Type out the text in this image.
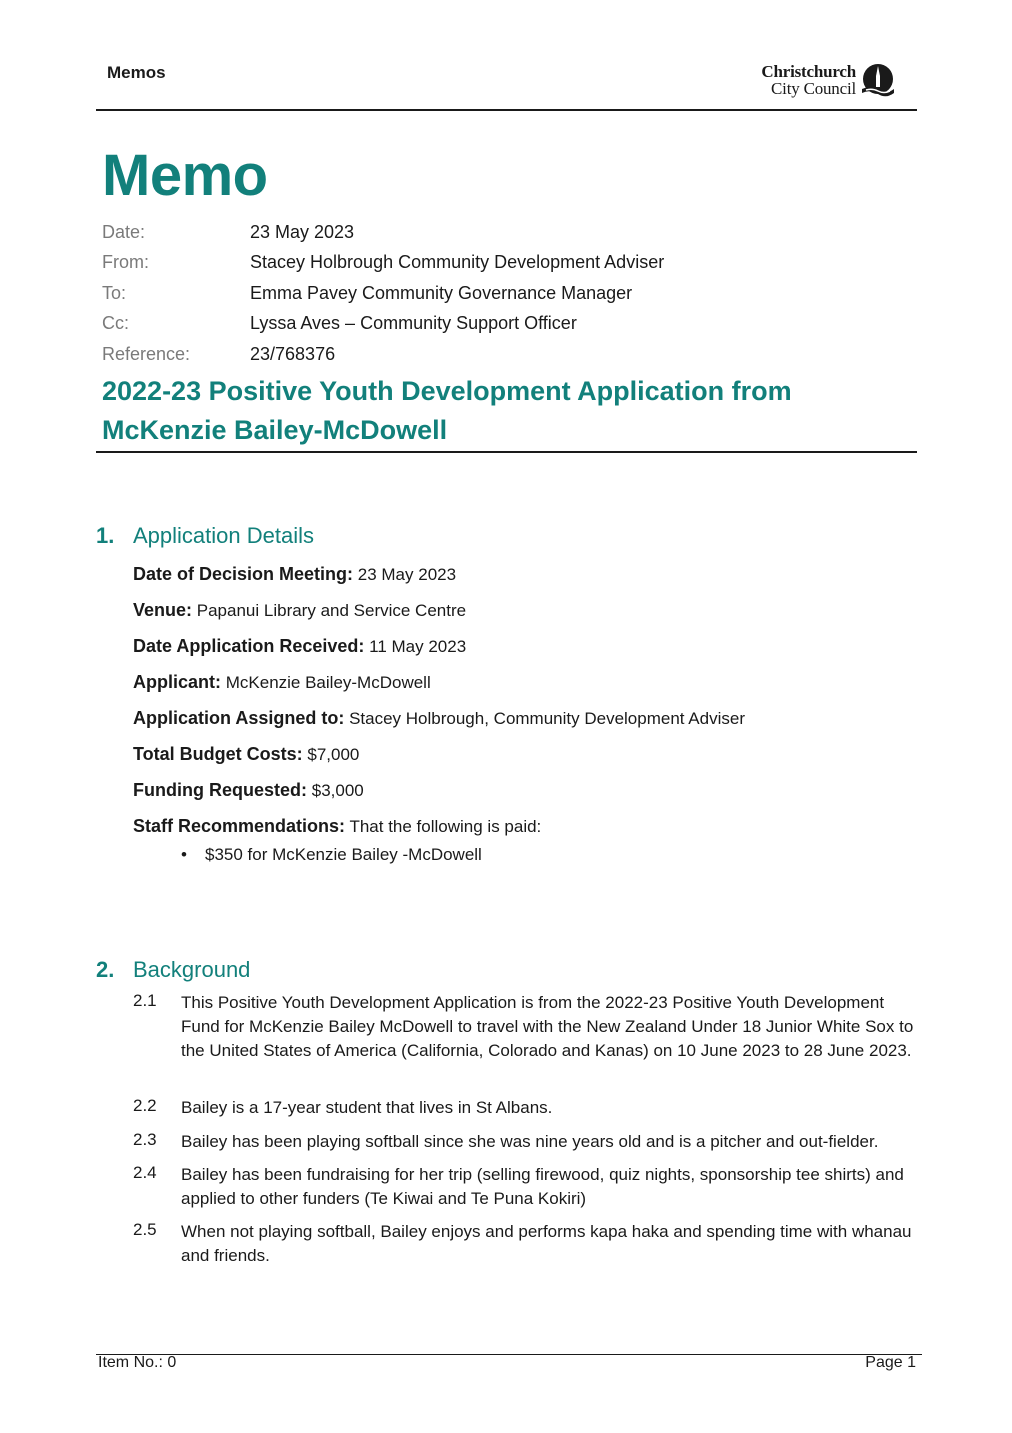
Memos	Christchurch
City Council
Memo
Date:	23 May 2023
From:	Stacey Holbrough Community Development Adviser
To:	Emma Pavey Community Governance Manager
Cc:	Lyssa Aves – Community Support Officer
Reference:	23/768376
2022-23 Positive Youth Development Application from McKenzie Bailey-McDowell
1. Application Details
Date of Decision Meeting: 23 May 2023
Venue: Papanui Library and Service Centre
Date Application Received: 11 May 2023
Applicant: McKenzie Bailey-McDowell
Application Assigned to: Stacey Holbrough, Community Development Adviser
Total Budget Costs: $7,000
Funding Requested: $3,000
Staff Recommendations: That the following is paid:
• $350 for McKenzie Bailey -McDowell
2. Background
2.1 This Positive Youth Development Application is from the 2022-23 Positive Youth Development Fund for McKenzie Bailey McDowell to travel with the New Zealand Under 18 Junior White Sox to the United States of America (California, Colorado and Kanas) on 10 June 2023 to 28 June 2023.
2.2 Bailey is a 17-year student that lives in St Albans.
2.3 Bailey has been playing softball since she was nine years old and is a pitcher and out-fielder.
2.4 Bailey has been fundraising for her trip (selling firewood, quiz nights, sponsorship tee shirts) and applied to other funders (Te Kiwai and Te Puna Kokiri)
2.5 When not playing softball, Bailey enjoys and performs kapa haka and spending time with whanau and friends.
Item No.: 0	Page 1
